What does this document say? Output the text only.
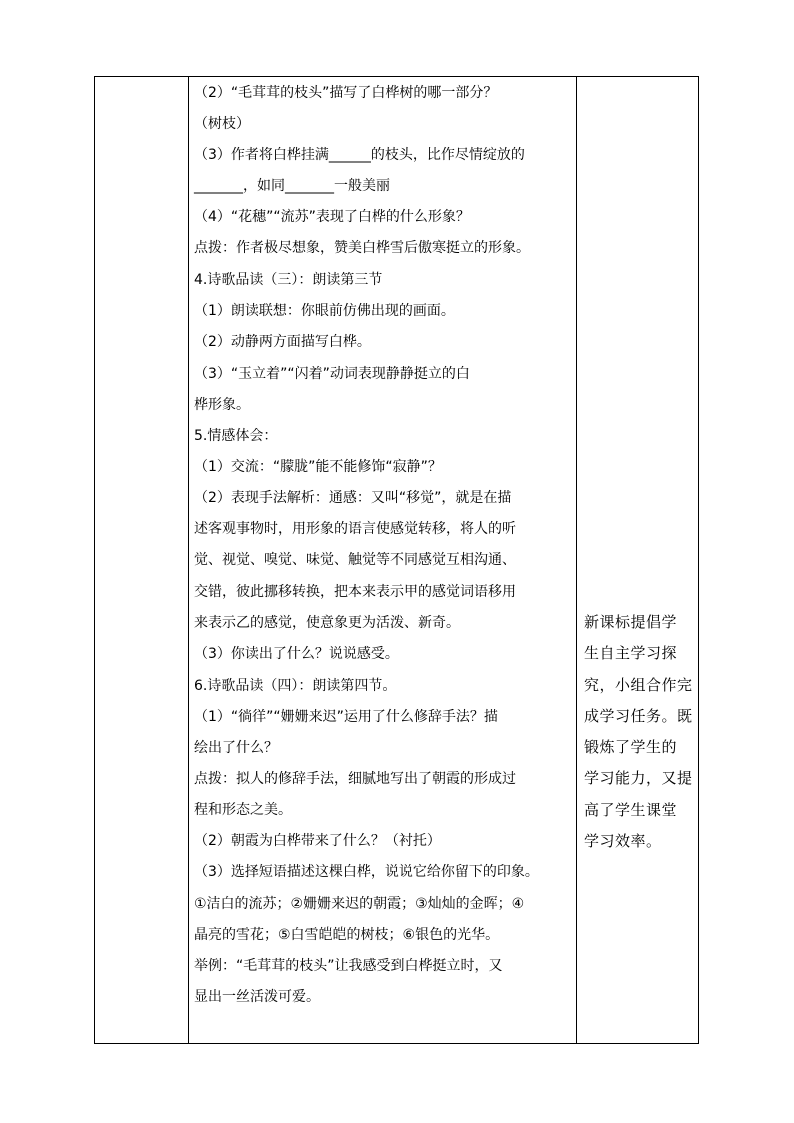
（2）“毛茸茸的枝头”描写了白桦树的哪一部分？
（树枝）
（3）作者将白桦挂满______的枝头，比作尽情绽放的
_______，如同_______一般美丽
（4）“花穗”“流苏”表现了白桦的什么形象？
点拨：作者极尽想象，赞美白桦雪后傲寒挺立的形象。
4.诗歌品读（三）：朗读第三节
（1）朗读联想：你眼前仿佛出现的画面。
（2）动静两方面描写白桦。
（3）“玉立着”“闪着”动词表现静静挺立的白
桦形象。
5.情感体会：
（1）交流：“朦胧”能不能修饰“寂静”？
（2）表现手法解析：通感：又叫“移觉”，就是在描
述客观事物时，用形象的语言使感觉转移，将人的听
觉、视觉、嗅觉、味觉、触觉等不同感觉互相沟通、
交错，彼此挪移转换，把本来表示甲的感觉词语移用
来表示乙的感觉，使意象更为活泼、新奇。
（3）你读出了什么？说说感受。
6.诗歌品读（四）：朗读第四节。
（1）“徜徉”“姗姗来迟”运用了什么修辞手法？描
绘出了什么？
点拨：拟人的修辞手法，细腻地写出了朝霞的形成过
程和形态之美。
（2）朝霞为白桦带来了什么？（衬托）
（3）选择短语描述这棵白桦，说说它给你留下的印象。
①洁白的流苏；②姗姗来迟的朝霞；③灿灿的金晖；④
晶亮的雪花；⑤白雪皑皑的树枝；⑥银色的光华。
举例：“毛茸茸的枝头”让我感受到白桦挺立时，又
显出一丝活泼可爱。
新课标提倡学
生自主学习探
究，小组合作完
成学习任务。既
锻炼了学生的
学习能力，又提
高了学生课堂
学习效率。
